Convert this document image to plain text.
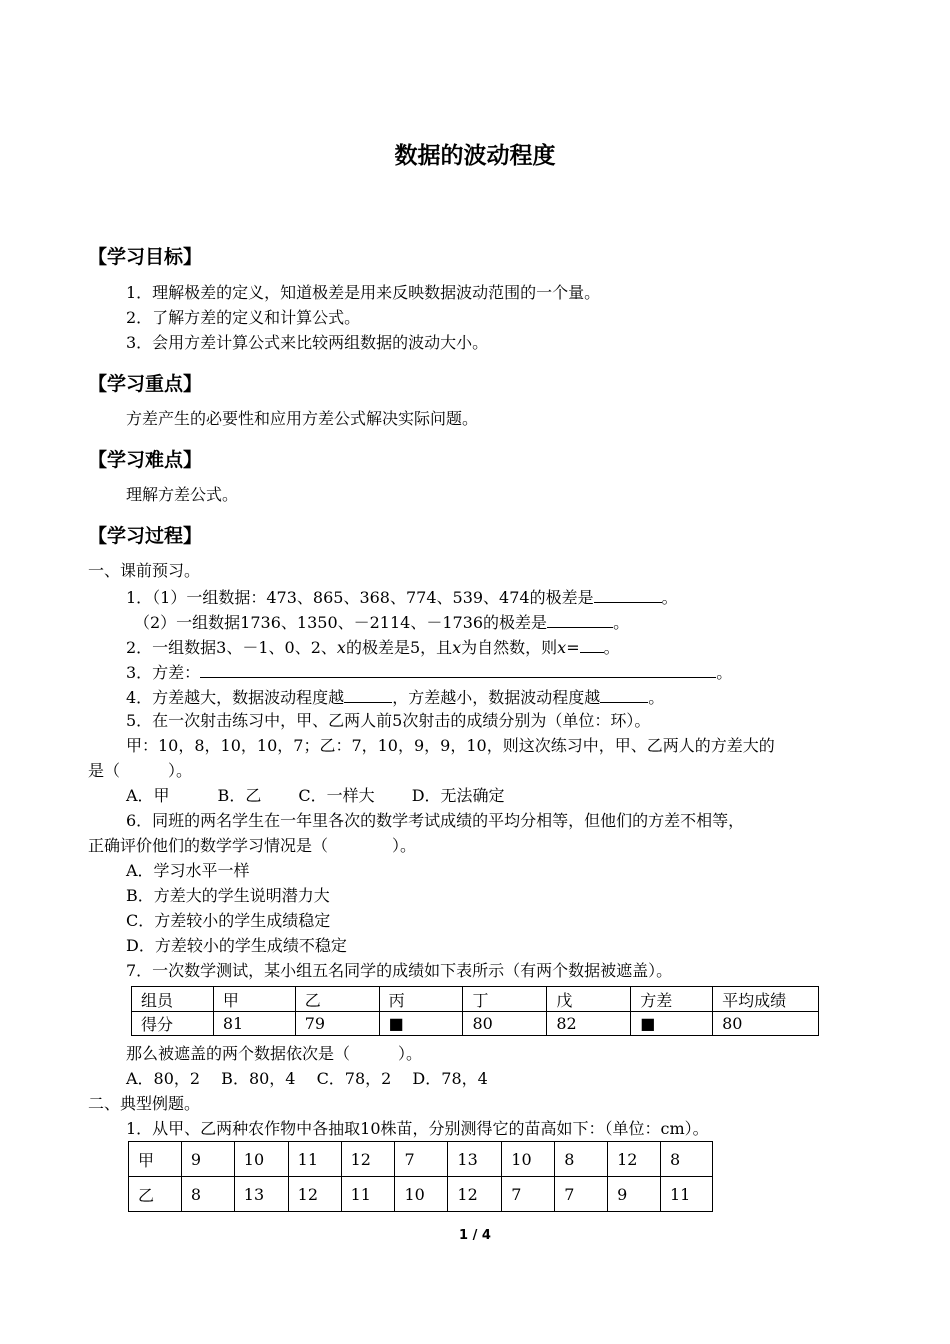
数据的波动程度
【学习目标】
1．理解极差的定义，知道极差是用来反映数据波动范围的一个量。
2．了解方差的定义和计算公式。
3．会用方差计算公式来比较两组数据的波动大小。
【学习重点】
方差产生的必要性和应用方差公式解决实际问题。
【学习难点】
理解方差公式。
【学习过程】
一、课前预习。
1．（1）一组数据：473、865、368、774、539、474的极差是	。
（2）一组数据1736、1350、－2114、－1736的极差是	。
2．一组数据3、－1、0、2、x的极差是5，且x为自然数，则x= 。
3．方差：	。
4．方差越大，数据波动程度越	，方差越小，数据波动程度越	。
5．在一次射击练习中，甲、乙两人前5次射击的成绩分别为（单位：环）。
甲：10，8，10，10，7；乙：7，10，9，9，10，则这次练习中，甲、乙两人的方差大的
是（　　　）。
A．甲　　　B．乙　　 C．一样大　　 D．无法确定
6．同班的两名学生在一年里各次的数学考试成绩的平均分相等，但他们的方差不相等，
正确评价他们的数学学习情况是（　　　　）。
A．学习水平一样
B．方差大的学生说明潜力大
C．方差较小的学生成绩稳定
D．方差较小的学生成绩不稳定
7．一次数学测试，某小组五名同学的成绩如下表所示（有两个数据被遮盖）。
组员	甲	乙	丙	丁	戊	方差	平均成绩
得分	81	79	■	80	82	■	80
那么被遮盖的两个数据依次是（　　　）。
A．80，2　 B．80，4　 C．78，2　 D．78，4
二、典型例题。
1．从甲、乙两种农作物中各抽取10株苗，分别测得它的苗高如下：（单位：cm）。
甲	9	10	11	12	7	13	10	8	12	8
乙	8	13	12	11	10	12	7	7	9	11
1 / 4
